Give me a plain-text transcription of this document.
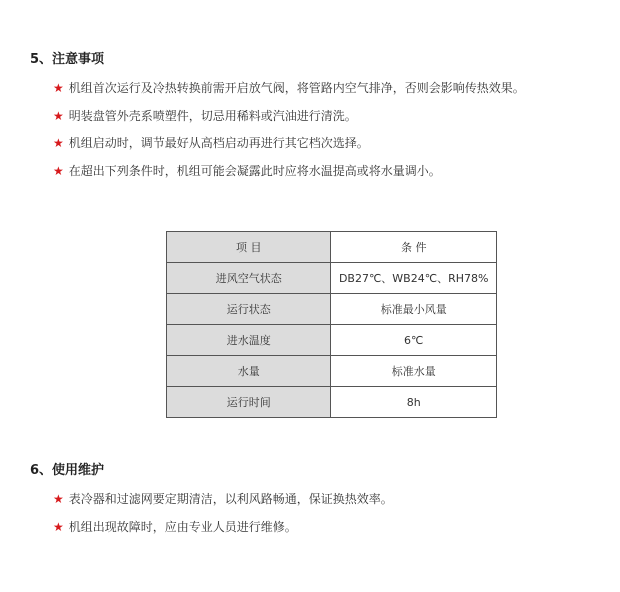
5、注意事项
★ 机组首次运行及冷热转换前需开启放气阀，将管路内空气排净，否则会影响传热效果。
★ 明装盘管外壳系喷塑件，切忌用稀料或汽油进行清洗。
★ 机组启动时，调节最好从高档启动再进行其它档次选择。
★ 在超出下列条件时，机组可能会凝露此时应将水温提高或将水量调小。
项 目	条 件
进风空气状态	DB27℃、WB24℃、RH78%
运行状态	标准最小风量
进水温度	6℃
水量	标准水量
运行时间	8h
6、使用维护
★ 表冷器和过滤网要定期清洁，以利风路畅通，保证换热效率。
★ 机组出现故障时，应由专业人员进行维修。
